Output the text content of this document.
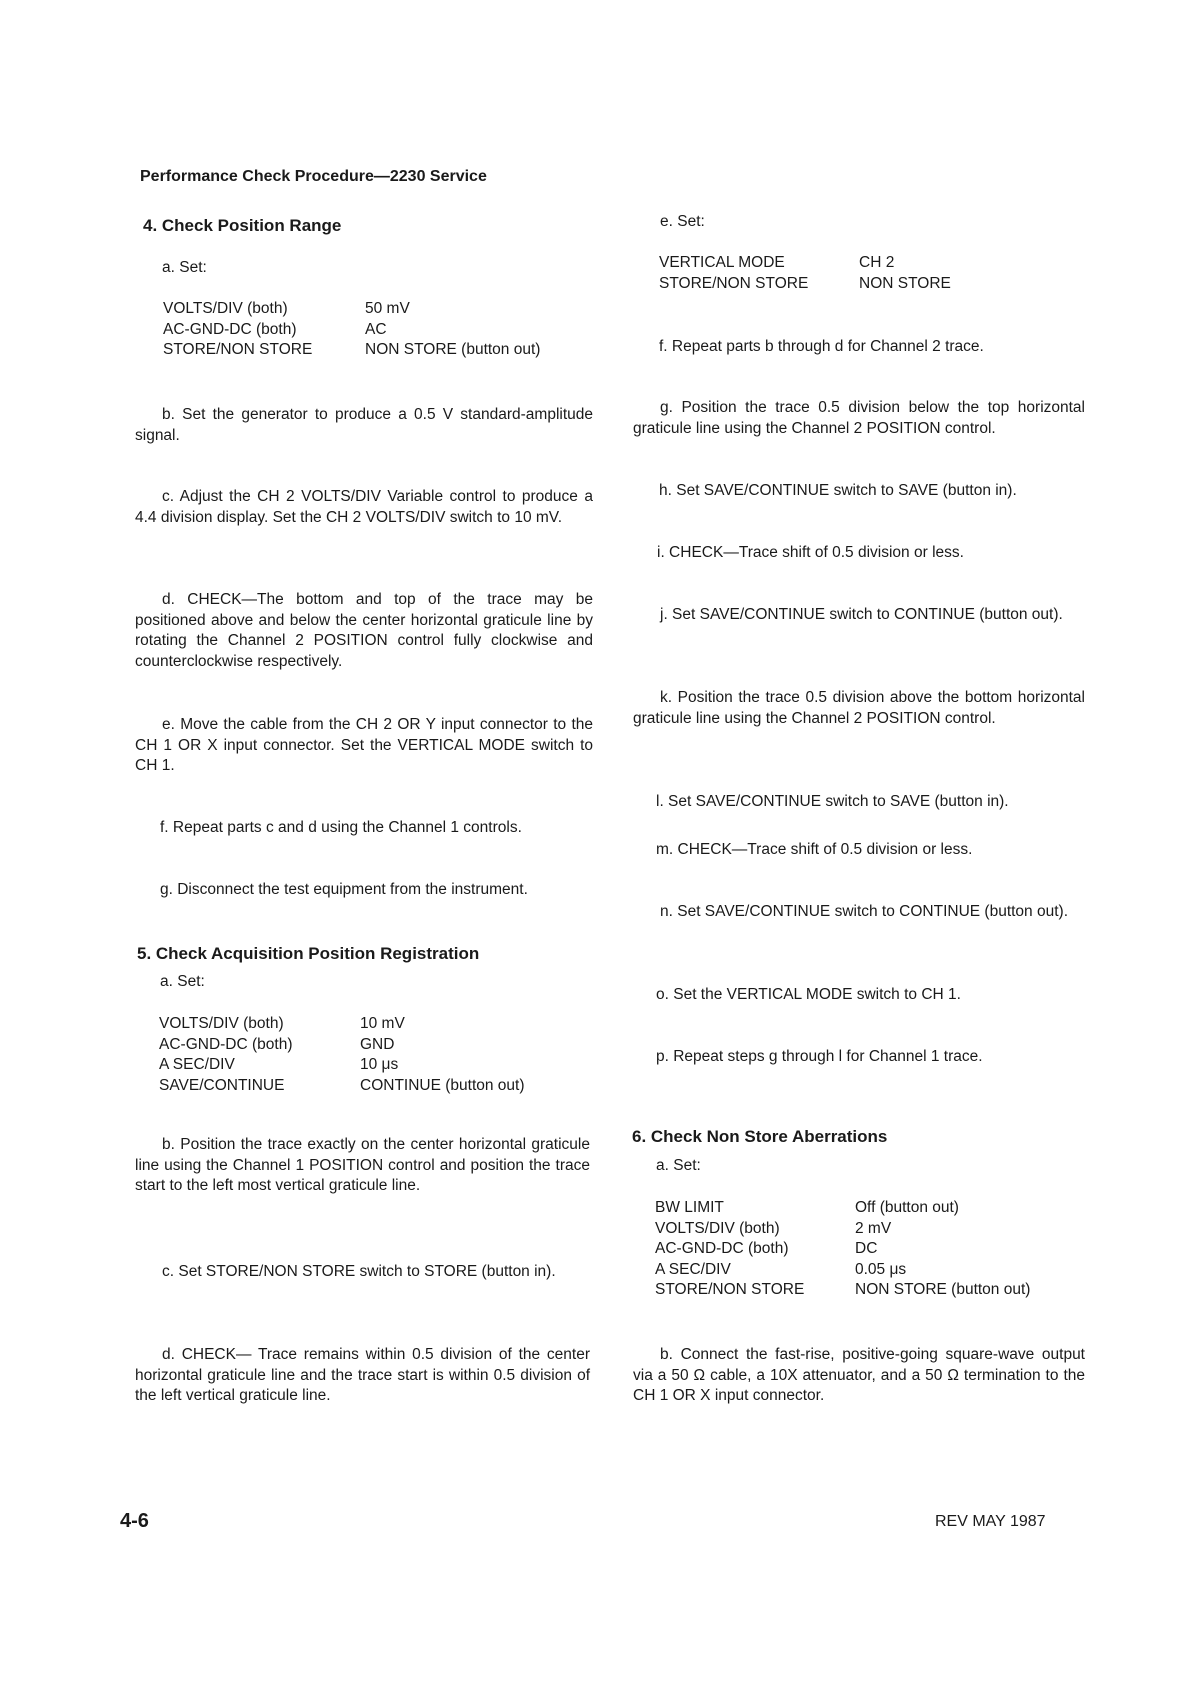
Performance Check Procedure—2230 Service
4. Check Position Range
a. Set:
VOLTS/DIV (both)	50 mV
AC-GND-DC (both)	AC
STORE/NON STORE	NON STORE (button out)

b. Set the generator to produce a 0.5 V standard-amplitude signal.

c. Adjust the CH 2 VOLTS/DIV Variable control to produce a 4.4 division display. Set the CH 2 VOLTS/DIV switch to 10 mV.

d. CHECK—The bottom and top of the trace may be positioned above and below the center horizontal graticule line by rotating the Channel 2 POSITION control fully clockwise and counterclockwise respectively.

e. Move the cable from the CH 2 OR Y input connector to the CH 1 OR X input connector. Set the VERTICAL MODE switch to CH 1.

f. Repeat parts c and d using the Channel 1 controls.

g. Disconnect the test equipment from the instrument.

5. Check Acquisition Position Registration
a. Set:
VOLTS/DIV (both)	10 mV
AC-GND-DC (both)	GND
A SEC/DIV	10 μs
SAVE/CONTINUE	CONTINUE (button out)

b. Position the trace exactly on the center horizontal graticule line using the Channel 1 POSITION control and position the trace start to the left most vertical graticule line.

c. Set STORE/NON STORE switch to STORE (button in).

d. CHECK— Trace remains within 0.5 division of the center horizontal graticule line and the trace start is within 0.5 division of the left vertical graticule line.

e. Set:
VERTICAL MODE	CH 2
STORE/NON STORE	NON STORE

f. Repeat parts b through d for Channel 2 trace.

g. Position the trace 0.5 division below the top horizontal graticule line using the Channel 2 POSITION control.

h. Set SAVE/CONTINUE switch to SAVE (button in).

i. CHECK—Trace shift of 0.5 division or less.

j. Set SAVE/CONTINUE switch to CONTINUE (button out).

k. Position the trace 0.5 division above the bottom horizontal graticule line using the Channel 2 POSITION control.

l. Set SAVE/CONTINUE switch to SAVE (button in).

m. CHECK—Trace shift of 0.5 division or less.

n. Set SAVE/CONTINUE switch to CONTINUE (button out).

o. Set the VERTICAL MODE switch to CH 1.

p. Repeat steps g through l for Channel 1 trace.

6. Check Non Store Aberrations
a. Set:
BW LIMIT	Off (button out)
VOLTS/DIV (both)	2 mV
AC-GND-DC (both)	DC
A SEC/DIV	0.05 μs
STORE/NON STORE	NON STORE (button out)

b. Connect the fast-rise, positive-going square-wave output via a 50 Ω cable, a 10X attenuator, and a 50 Ω termination to the CH 1 OR X input connector.

4-6	REV MAY 1987
